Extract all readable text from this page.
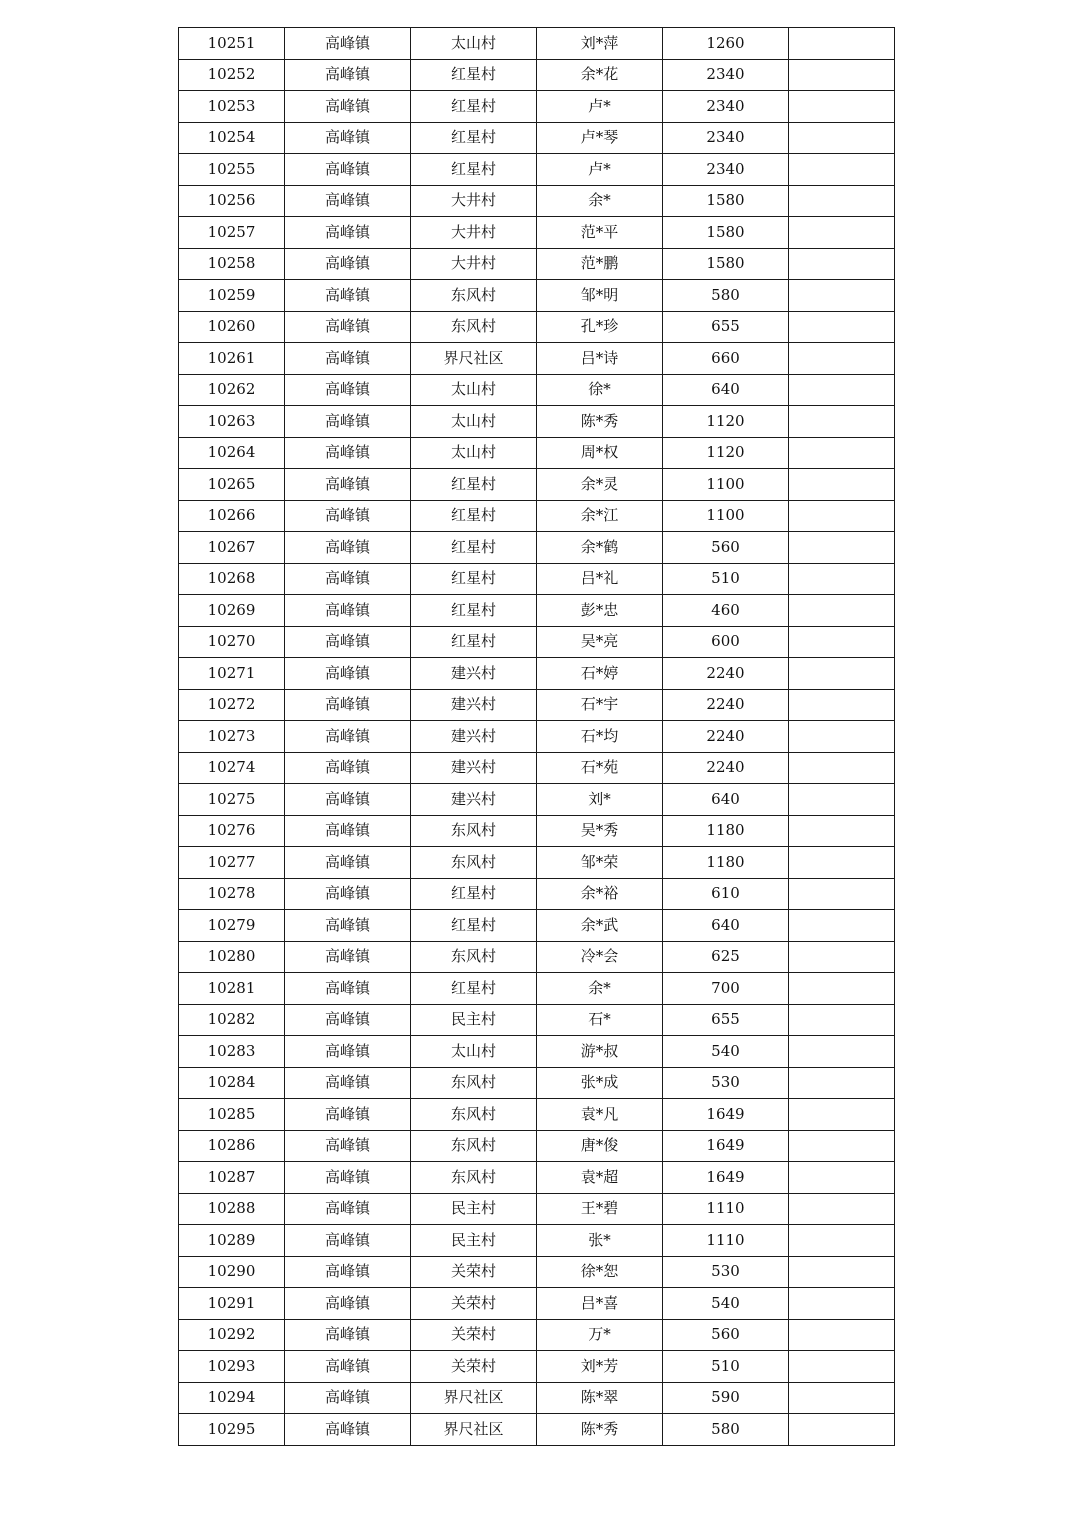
10251	高峰镇	太山村	刘*萍	1260	
10252	高峰镇	红星村	余*花	2340	
10253	高峰镇	红星村	卢*	2340	
10254	高峰镇	红星村	卢*琴	2340	
10255	高峰镇	红星村	卢*	2340	
10256	高峰镇	大井村	余*	1580	
10257	高峰镇	大井村	范*平	1580	
10258	高峰镇	大井村	范*鹏	1580	
10259	高峰镇	东风村	邹*明	580	
10260	高峰镇	东风村	孔*珍	655	
10261	高峰镇	界尺社区	吕*诗	660	
10262	高峰镇	太山村	徐*	640	
10263	高峰镇	太山村	陈*秀	1120	
10264	高峰镇	太山村	周*权	1120	
10265	高峰镇	红星村	余*灵	1100	
10266	高峰镇	红星村	余*江	1100	
10267	高峰镇	红星村	余*鹤	560	
10268	高峰镇	红星村	吕*礼	510	
10269	高峰镇	红星村	彭*忠	460	
10270	高峰镇	红星村	吴*亮	600	
10271	高峰镇	建兴村	石*婷	2240	
10272	高峰镇	建兴村	石*宇	2240	
10273	高峰镇	建兴村	石*均	2240	
10274	高峰镇	建兴村	石*苑	2240	
10275	高峰镇	建兴村	刘*	640	
10276	高峰镇	东风村	吴*秀	1180	
10277	高峰镇	东风村	邹*荣	1180	
10278	高峰镇	红星村	余*裕	610	
10279	高峰镇	红星村	余*武	640	
10280	高峰镇	东风村	冷*会	625	
10281	高峰镇	红星村	余*	700	
10282	高峰镇	民主村	石*	655	
10283	高峰镇	太山村	游*叔	540	
10284	高峰镇	东风村	张*成	530	
10285	高峰镇	东风村	袁*凡	1649	
10286	高峰镇	东风村	唐*俊	1649	
10287	高峰镇	东风村	袁*超	1649	
10288	高峰镇	民主村	王*碧	1110	
10289	高峰镇	民主村	张*	1110	
10290	高峰镇	关荣村	徐*恕	530	
10291	高峰镇	关荣村	吕*喜	540	
10292	高峰镇	关荣村	万*	560	
10293	高峰镇	关荣村	刘*芳	510	
10294	高峰镇	界尺社区	陈*翠	590	
10295	高峰镇	界尺社区	陈*秀	580	
